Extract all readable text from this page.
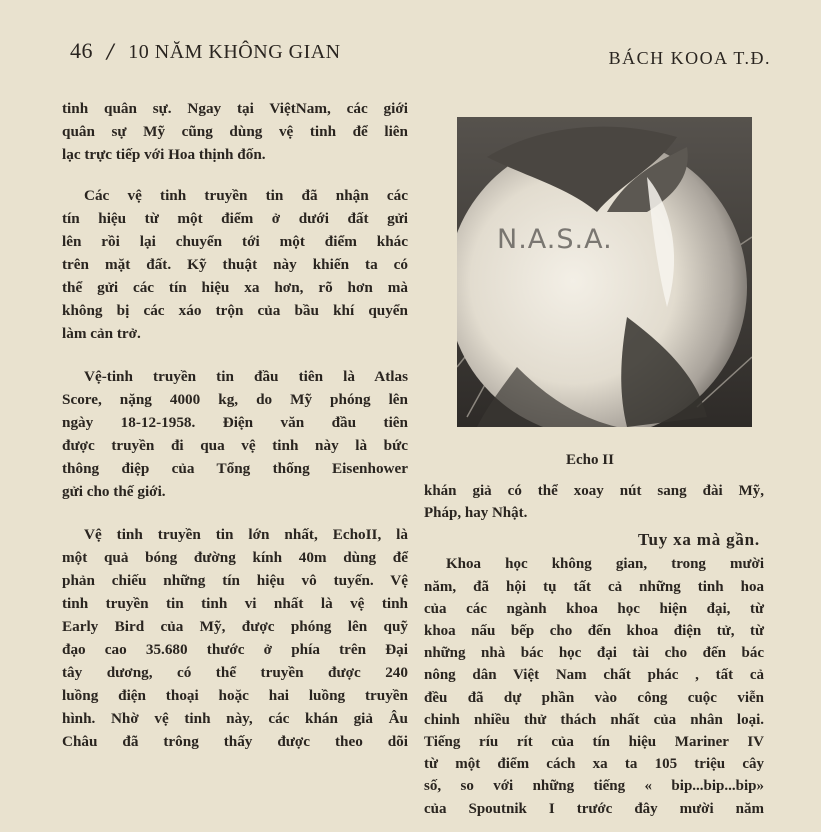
46 / 10 NĂM KHÔNG GIAN	BÁCH KOOA T.Đ.
tinh quân sự. Ngay tại ViệtNam, các giới
quân sự Mỹ cũng dùng vệ tinh để liên
lạc trực tiếp với Hoa thịnh đốn.
Các vệ tinh truyền tin đã nhận các
tín hiệu từ một điểm ở dưới đất gửi
lên rồi lại chuyển tới một điểm khác
trên mặt đất. Kỹ thuật này khiến ta có
thể gửi các tín hiệu xa hơn, rõ hơn mà
không bị các xáo trộn của bầu khí quyển
làm cản trở.
Vệ-tinh truyền tin đầu tiên là Atlas
Score, nặng 4000 kg, do Mỹ phóng lên
ngày 18-12-1958. Điện văn đầu tiên
được truyền đi qua vệ tinh này là bức
thông điệp của Tổng thống Eisenhower
gửi cho thế giới.
Vệ tinh truyền tin lớn nhất, EchoII, là
một quả bóng đường kính 40m dùng để
phản chiếu những tín hiệu vô tuyến. Vệ
tinh truyền tin tinh vi nhất là vệ tinh
Early Bird của Mỹ, được phóng lên quỹ
đạo cao 35.680 thước ở phía trên Đại
tây dương, có thể truyền được 240
luồng điện thoại hoặc hai luồng truyền
hình. Nhờ vệ tinh này, các khán giả Âu
Châu đã trông thấy được theo dõi
N.A.S.A.
Echo II
khán giả có thể xoay nút sang đài Mỹ,
Pháp, hay Nhật.
Tuy xa mà gần.
Khoa học không gian, trong mười
năm, đã hội tụ tất cả những tinh hoa
của các ngành khoa học hiện đại, từ
khoa nấu bếp cho đến khoa điện tử, từ
những nhà bác học đại tài cho đến bác
nông dân Việt Nam chất phác , tất cả
đều đã dự phần vào công cuộc viễn
chinh nhiều thử thách nhất của nhân loại.
Tiếng ríu rít của tín hiệu Mariner IV
từ một điểm cách xa ta 105 triệu cây
số, so với những tiếng « bip...bip...bip»
của Spoutnik I trước đây mười năm
